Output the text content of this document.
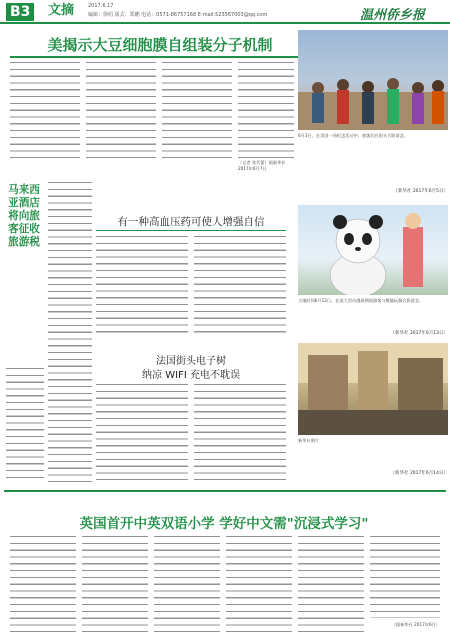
B3	文摘	2017.6.17
编辑：徐绍 版式：郑鹏 电话：0571-86757168 E-mail:523567003@qq.com	温州侨乡报
美揭示大豆细胞膜自组装分子机制
（记者 张代蕾）据新华社 2017年6月7日
马来西亚酒店将向旅客征收旅游税
有一种高血压药可使人增强自信
法国街头电子树
纳凉 WIFI 充电不耽误
6月3日，在美国一场纪念活动中，旅客们在街头合影留念。
（新华社 2017年6月5日）
当地时间6月12日，在某大型动漫展期间游客与熊猫玩偶合影留念。
（新华社 2017年6月13日）
新华社照片
（新华社 2017年6月14日）
英国首开中英双语小学 学好中文需"沉浸式学习"
（据新华社 2017年6月）
